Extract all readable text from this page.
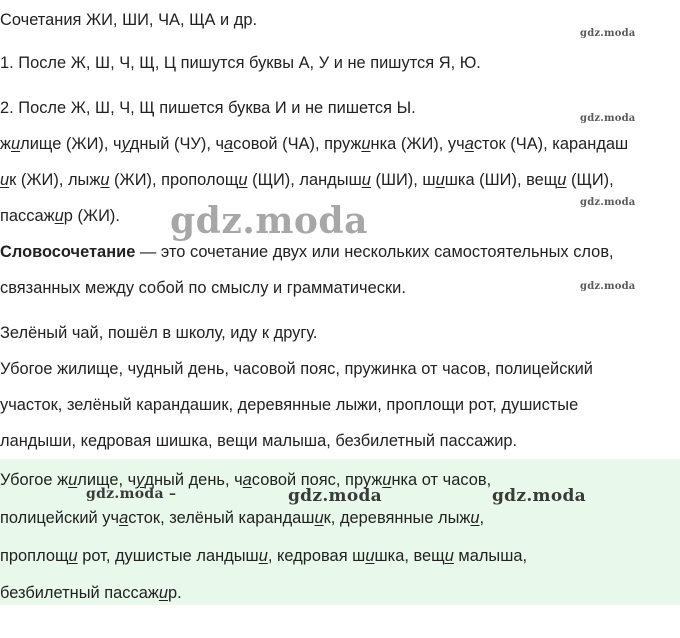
Сочетания ЖИ, ШИ, ЧА, ЩА и др.

gdz.moda

1. После Ж, Ш, Ч, Щ, Ц пишутся буквы А, У и не пишутся Я, Ю.

2. После Ж, Ш, Ч, Щ пишется буква И и не пишется Ы.

gdz.moda

жилище (ЖИ), чудный (ЧУ), часовой (ЧА), пружинка (ЖИ), участок (ЧА), карандаш

ик (ЖИ), лыжи (ЖИ), прополощи (ЩИ), ландыши (ШИ), шишка (ШИ), вещи (ЩИ),

gdz.moda

пассажир (ЖИ).	gdz.moda

Словосочетание — это сочетание двух или нескольких самостоятельных слов, связанных между собой по смыслу и грамматически.	gdz.moda

Зелёный чай, пошёл в школу, иду к другу.

Убогое жилище, чудный день, часовой пояс, пружинка от часов, полицейский

участок, зелёный карандашик, деревянные лыжи, проплощи рот, душистые

ландыши, кедровая шишка, вещи малыша, безбилетный пассажир.

Убогое жилище, чудный день, часовой пояс, пружинка от часов,

gdz.moda –	gdz.moda	gdz.moda

полицейский участок, зелёный карандашик, деревянные лыжи,

проплощи рот, душистые ландыши, кедровая шишка, вещи малыша,

безбилетный пассажир.
